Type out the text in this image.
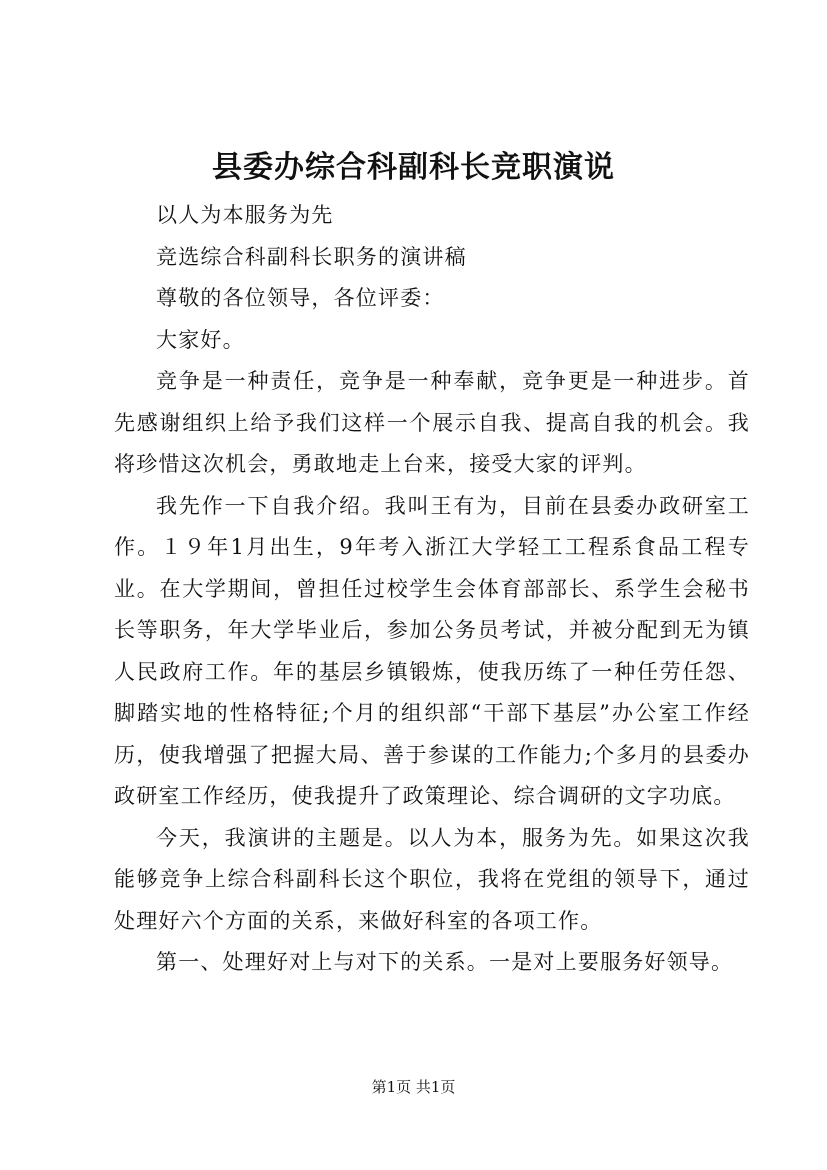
县委办综合科副科长竞职演说

以人为本服务为先

竞选综合科副科长职务的演讲稿

尊敬的各位领导，各位评委：

大家好。

竞争是一种责任，竞争是一种奉献，竞争更是一种进步。首先感谢组织上给予我们这样一个展示自我、提高自我的机会。我将珍惜这次机会，勇敢地走上台来，接受大家的评判。

我先作一下自我介绍。我叫王有为，目前在县委办政研室工作。１９年1月出生，9年考入浙江大学轻工工程系食品工程专业。在大学期间，曾担任过校学生会体育部部长、系学生会秘书长等职务，年大学毕业后，参加公务员考试，并被分配到无为镇人民政府工作。年的基层乡镇锻炼，使我历练了一种任劳任怨、脚踏实地的性格特征;个月的组织部“干部下基层”办公室工作经历，使我增强了把握大局、善于参谋的工作能力;个多月的县委办政研室工作经历，使我提升了政策理论、综合调研的文字功底。

今天，我演讲的主题是。以人为本，服务为先。如果这次我能够竞争上综合科副科长这个职位，我将在党组的领导下，通过处理好六个方面的关系，来做好科室的各项工作。

第一、处理好对上与对下的关系。一是对上要服务好领导。

第1页 共1页
